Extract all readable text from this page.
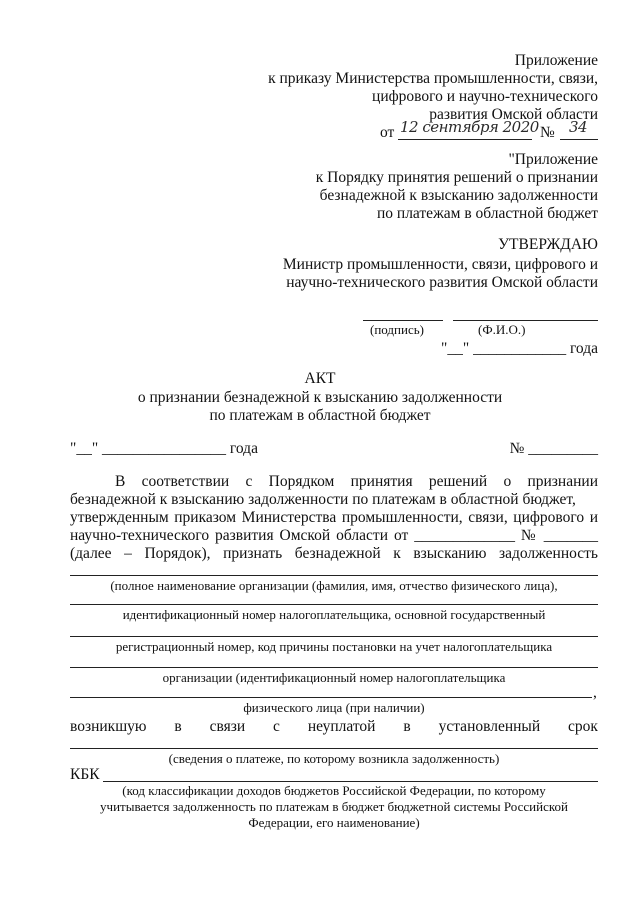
Приложение
к приказу Министерства промышленности, связи,
цифрового и научно-технического
развития Омской области
от 12 сентября 2020 № 34
"Приложение
к Порядку принятия решений о признании
безнадежной к взысканию задолженности
по платежам в областной бюджет
УТВЕРЖДАЮ
Министр промышленности, связи, цифрового и
научно-технического развития Омской области
(подпись)	(Ф.И.О.)
"__" ____________ года
АКТ
о признании безнадежной к взысканию задолженности
по платежам в областной бюджет
"__" ________________ года	№ _________
В соответствии с Порядком принятия решений о признании
безнадежной к взысканию задолженности по платежам в областной бюджет,
утвержденным приказом Министерства промышленности, связи, цифрового и
научно-технического развития Омской области от _____________ № _______
(далее – Порядок), признать безнадежной к взысканию задолженность
(полное наименование организации (фамилия, имя, отчество физического лица),
идентификационный номер налогоплательщика, основной государственный
регистрационный номер, код причины постановки на учет налогоплательщика
организации (идентификационный номер налогоплательщика
,
физического лица (при наличии)
возникшую в связи с неуплатой в установленный срок
(сведения о платеже, по которому возникла задолженность)
КБК
(код классификации доходов бюджетов Российской Федерации, по которому
учитывается задолженность по платежам в бюджет бюджетной системы Российской
Федерации, его наименование)
